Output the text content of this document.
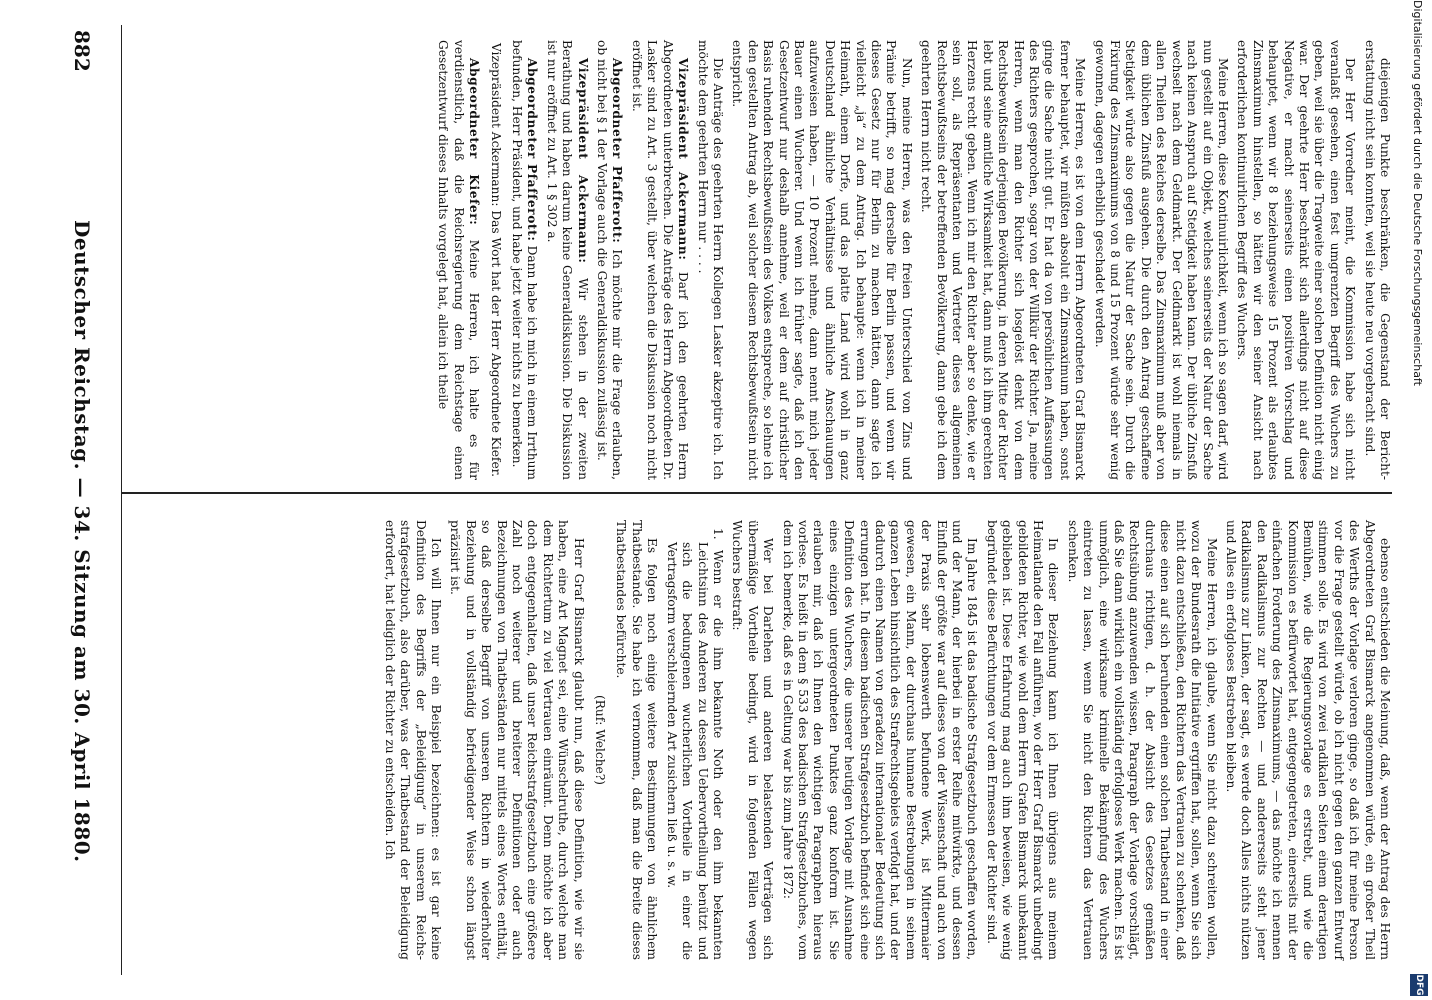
Digitalisierung gefördert durch die Deutsche Forschungsgemeinschaft
DFG

diejenigen Punkte beschränken, die Gegenstand der Berichterstattung nicht sein konnten, weil sie heute neu vorgebracht sind.

Der Herr Vorredner meint, die Kommission habe sich nicht veranlaßt gesehen, einen fest umgrenzten Begriff des Wuchers zu geben, weil sie über die Tragweite einer solchen Definition nicht einig war. Der geehrte Herr beschränkt sich allerdings nicht auf diese Negative, er macht seinerseits einen positiven Vorschlag und behauptet, wenn wir 8 beziehungsweise 15 Prozent als erlaubtes Zinsmaximum hinstellen, so hätten wir den seiner Ansicht nach erforderlichen kontinuirlichen Begriff des Wuchers.

Meine Herren, diese Kontinuirlichkeit, wenn ich so sagen darf, wird nun gestellt auf ein Objekt, welches seinerseits der Natur der Sache nach keinen Anspruch auf Stetigkeit haben kann. Der übliche Zinsfuß wechselt nach dem Geldmarkt. Der Geldmarkt ist wohl niemals in allen Theilen des Reiches derselbe. Das Zinsmaximum muß aber von dem üblichen Zinsfuß ausgehen. Die durch den Antrag geschaffene Stetigkeit würde also gegen die Natur der Sache sein. Durch die Fixirung des Zinsmaximums von 8 und 15 Prozent würde sehr wenig gewonnen, dagegen erheblich geschadet werden.

Meine Herren, es ist von dem Herrn Abgeordneten Graf Bismarck ferner behauptet, wir müßten absolut ein Zinsmaximum haben, sonst ginge die Sache nicht gut. Er hat da von persönlichen Auffassungen des Richters gesprochen, sogar von der Willkür der Richter. Ja, meine Herren, wenn man den Richter sich losgelöst denkt von dem Rechtsbewußtsein derjenigen Bevölkerung, in deren Mitte der Richter lebt und seine amtliche Wirksamkeit hat, dann muß ich ihm gerechten Herzens recht geben. Wenn ich mir den Richter aber so denke, wie er sein soll, als Repräsentanten und Vertreter dieses allgemeinen Rechtsbewußtseins der betreffenden Bevölkerung, dann gebe ich dem geehrten Herrn nicht recht.

Nun, meine Herren, was den freien Unterschied von Zins und Prämie betrifft, so mag derselbe für Berlin passen, und wenn wir dieses Gesetz nur für Berlin zu machen hätten, dann sagte ich vielleicht „ja“ zu dem Antrag. Ich behaupte: wenn ich in meiner Heimath, einem Dorfe, und das platte Land wird wohl in ganz Deutschland ähnliche Verhältnisse und ähnliche Anschauungen aufzuweisen haben, — 10 Prozent nehme, dann nennt mich jeder Bauer einen Wucherer. Und wenn ich früher sagte, daß ich den Gesetzentwurf nur deshalb annehme, weil er dem auf christlicher Basis ruhenden Rechtsbewußtsein des Volkes entspreche, so lehne ich den gestellten Antrag ab, weil solcher diesem Rechtsbewußtsein nicht entspricht.

Die Anträge des geehrten Herrn Kollegen Lasker akzeptire ich. Ich möchte dem geehrten Herrn nur . . . .

Vizepräsident Ackermann: Darf ich den geehrten Herrn Abgeordneten unterbrechen. Die Anträge des Herrn Abgeordneten Dr. Lasker sind zu Art. 3 gestellt, über welchen die Diskussion noch nicht eröffnet ist.

Abgeordneter Pfafferott: Ich möchte mir die Frage erlauben, ob nicht bei § 1 der Vorlage auch die Generaldiskussion zulässig ist.

Vizepräsident Ackermann: Wir stehen in der zweiten Berathung und haben darum keine Generaldiskussion. Die Diskussion ist nur eröffnet zu Art. 1 § 302 a.

Abgeordneter Pfafferott: Dann habe ich mich in einem Irrthum befunden, Herr Präsident, und habe jetzt weiter nichts zu bemerken.

Vizepräsident Ackermann: Das Wort hat der Herr Abgeordnete Kiefer.

Abgeordneter Kiefer: Meine Herren, ich halte es für verdienstlich, daß die Reichsregierung dem Reichstage einen Gesetzentwurf dieses Inhalts vorgelegt hat, allein ich theile

ebenso entschieden die Meinung, daß, wenn der Antrag des Herrn Abgeordneten Graf Bismarck angenommen würde, ein großer Theil des Werths der Vorlage verloren ginge, so daß ich für meine Person vor die Frage gestellt würde, ob ich nicht gegen den ganzen Entwurf stimmen solle. Es wird von zwei radikalen Seiten einem derartigen Bemühen, wie die Regierungsvorlage es erstrebt, und wie die Kommission es befürwortet hat, entgegengetreten, einerseits mit der einfachen Forderung des Zinsmaximums, — das möchte ich nennen den Radikalismus zur Rechten — und andererseits steht jener Radikalismus zur Linken, der sagt, es werde doch Alles nichts nützen und Alles ein erfolgloses Bestreben bleiben.

Meine Herren, ich glaube, wenn Sie nicht dazu schreiten wollen, wozu der Bundesrath die Initiative ergriffen hat, sollen, wenn Sie sich nicht dazu entschließen, den Richtern das Vertrauen zu schenken, daß diese einen auf sich beruhenden einen solchen Thatbestand in einer durchaus richtigen, d. h. der Absicht des Gesetzes gemäßen Rechtsübung anzuwenden wissen, Paragraph der Vorlage vorschlägt, daß Sie dann wirklich ein vollständig erfolgloses Werk machen. Es ist unmöglich, eine wirksame kriminelle Bekämpfung des Wuchers eintreten zu lassen, wenn Sie nicht den Richtern das Vertrauen schenken.

In dieser Beziehung kann ich Ihnen übrigens aus meinem Heimatlande den Fall anführen, wo der Herr Graf Bismarck unbedingt gebildeten Richter, wie wohl dem Herrn Grafen Bismarck unbekannt geblieben ist. Diese Erfahrung mag auch ihm beweisen, wie wenig begründet diese Befürchtungen vor dem Ermessen der Richter sind.

Im Jahre 1845 ist das badische Strafgesetzbuch geschaffen worden, und der Mann, der hierbei in erster Reihe mitwirkte, und dessen Einfluß der größte war auf dieses von der Wissenschaft und auch von der Praxis sehr lobenswerth befundene Werk, ist Mittermaier gewesen, ein Mann, der durchaus humane Bestrebungen in seinem ganzen Leben hinsichtlich des Strafrechtsgebiets verfolgt hat, und der dadurch einen Namen von geradezu internationaler Bedeutung sich errungen hat. In diesem badischen Strafgesetzbuch befindet sich eine Definition des Wuchers, die unserer heutigen Vorlage mit Ausnahme eines einzigen untergeordneten Punktes ganz konform ist. Sie erlauben mir, daß ich Ihnen den wichtigen Paragraphen hieraus vorlese. Es heißt in dem § 533 des badischen Strafgesetzbuches, vom dem ich bemerke, daß es in Geltung war bis zum Jahre 1872:

Wer bei Darlehen und anderen belastenden Verträgen sich übermäßige Vortheile bedingt, wird in folgenden Fällen wegen Wuchers bestraft:

1. Wenn er die ihm bekannte Noth oder den ihm bekannten Leichtsinn des Anderen zu dessen Uebervortheilung benützt und sich die bedungenen wucherlichen Vortheile in einer die Vertragsform verschleiernden Art zusichern ließ u. s. w.

Es folgen noch einige weitere Bestimmungen von ähnlichem Thatbestande. Sie habe ich vernommen, daß man die Breite dieses Thatbestandes befürchte.

(Ruf: Welche?)

Herr Graf Bismarck glaubt nun, daß diese Definition, wie wir sie haben, eine Art Magnet sei, eine Wünschelruthe, durch welche man dem Richtertum zu viel Vertrauen einräumt. Denn möchte ich aber doch entgegenhalten, daß unser Reichsstrafgesetzbuch eine größere Zahl noch weiterer und breiterer Definitionen oder auch Bezeichnungen von Thatbeständen nur mittels eines Wortes enthält, so daß derselbe Begriff von unseren Richtern in wiederholter Beziehung und in vollständig befriedigender Weise schon längst präzisirt ist.

Ich will Ihnen nur ein Beispiel bezeichnen: es ist gar keine Definition des Begriffs der „Beleidigung“ in unserem Reichsstrafgesetzbuch, also darüber, was der Thatbestand der Beleidigung erfordert, hat lediglich der Richter zu entscheiden. Ich

882
Deutscher Reichstag. — 34. Sitzung am 30. April 1880.
